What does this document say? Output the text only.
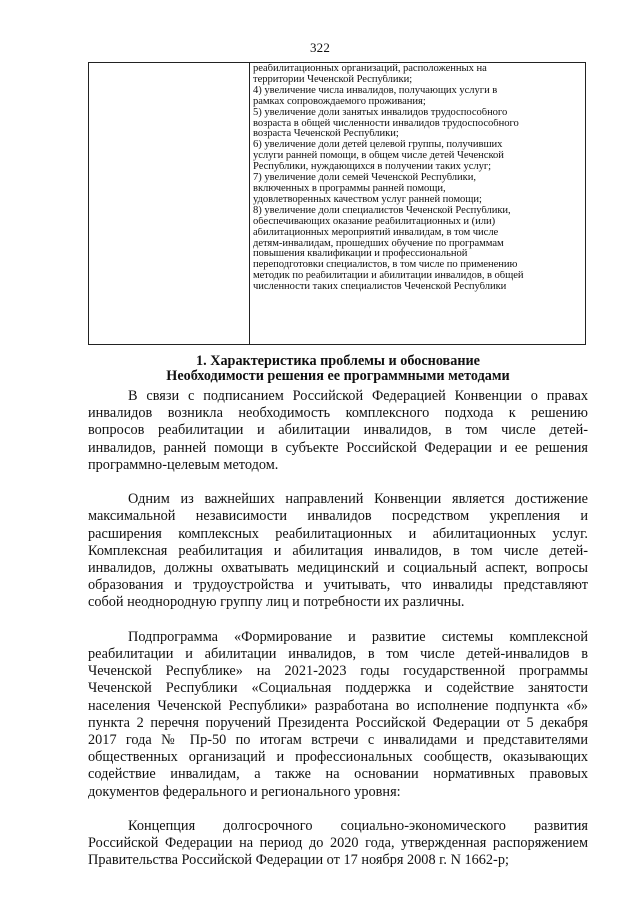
322

реабилитационных организаций, расположенных на
территории Чеченской Республики;
4) увеличение числа инвалидов, получающих услуги в
рамках сопровождаемого проживания;
5) увеличение доли занятых инвалидов трудоспособного
возраста в общей численности инвалидов трудоспособного
возраста Чеченской Республики;
6) увеличение доли детей целевой группы, получивших
услуги ранней помощи, в общем числе детей Чеченской
Республики, нуждающихся в получении таких услуг;
7) увеличение доли семей Чеченской Республики,
включенных в программы ранней помощи,
удовлетворенных качеством услуг ранней помощи;
8) увеличение доли специалистов Чеченской Республики,
обеспечивающих оказание реабилитационных и (или)
абилитационных мероприятий инвалидам, в том числе
детям-инвалидам, прошедших обучение по программам
повышения квалификации и профессиональной
переподготовки специалистов, в том числе по применению
методик по реабилитации и абилитации инвалидов, в общей
численности таких специалистов Чеченской Республики
1. Характеристика проблемы и обоснование
Необходимости решения ее программными методами
В связи с подписанием Российской Федерацией Конвенции о правах
инвалидов возникла необходимость комплексного подхода к решению
вопросов реабилитации и абилитации инвалидов, в том числе детей-
инвалидов, ранней помощи в субъекте Российской Федерации и ее решения
программно-целевым методом.
Одним из важнейших направлений Конвенции является достижение
максимальной независимости инвалидов посредством укрепления и
расширения комплексных реабилитационных и абилитационных услуг.
Комплексная реабилитация и абилитация инвалидов, в том числе детей-
инвалидов, должны охватывать медицинский и социальный аспект, вопросы
образования и трудоустройства и учитывать, что инвалиды представляют
собой неоднородную группу лиц и потребности их различны.
Подпрограмма «Формирование и развитие системы комплексной
реабилитации и абилитации инвалидов, в том числе детей-инвалидов в
Чеченской Республике» на 2021-2023 годы государственной программы
Чеченской Республики «Социальная поддержка и содействие занятости
населения Чеченской Республики» разработана во исполнение подпункта «б»
пункта 2 перечня поручений Президента Российской Федерации от 5 декабря
2017 года № Пр-50 по итогам встречи с инвалидами и представителями
общественных организаций и профессиональных сообществ, оказывающих
содействие инвалидам, а также на основании нормативных правовых
документов федерального и регионального уровня:
Концепция долгосрочного социально-экономического развития
Российской Федерации на период до 2020 года, утвержденная распоряжением
Правительства Российской Федерации от 17 ноября 2008 г. N 1662-р;
